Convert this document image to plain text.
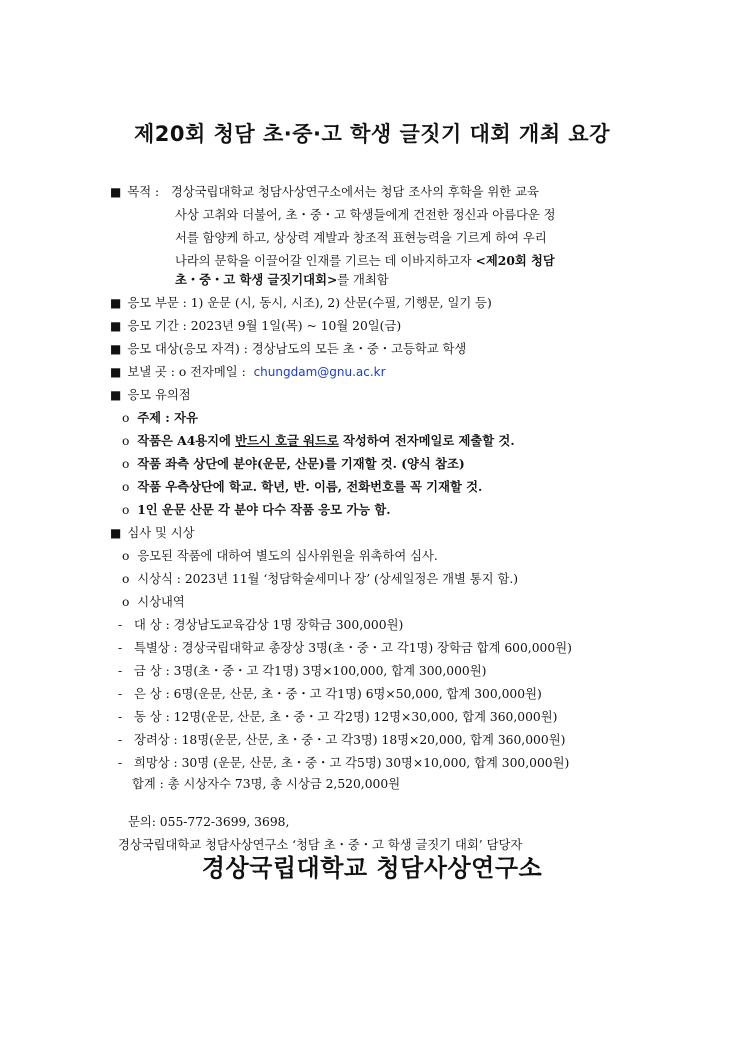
제20회 청담 초·중·고 학생 글짓기 대회 개최 요강
■ 목적 : 경상국립대학교 청담사상연구소에서는 청담 조사의 후학을 위한 교육
사상 고취와 더불어, 초・중・고 학생들에게 건전한 정신과 아름다운 정
서를 함양케 하고, 상상력 계발과 창조적 표현능력을 기르게 하여 우리
나라의 문학을 이끌어갈 인재를 기르는 데 이바지하고자 <제20회 청담
초・중・고 학생 글짓기대회>를 개최함
■ 응모 부문 : 1) 운문 (시, 동시, 시조), 2) 산문(수필, 기행문, 일기 등)
■ 응모 기간 : 2023년 9월 1일(목) ~ 10월 20일(금)
■ 응모 대상(응모 자격) : 경상남도의 모든 초・중・고등학교 학생
■ 보낼 곳 : o 전자메일 :  chungdam@gnu.ac.kr
■ 응모 유의점
o 주제 : 자유
o 작품은 A4용지에 반드시 호글 워드로 작성하여 전자메일로 제출할 것.
o 작품 좌측 상단에 분야(운문, 산문)를 기재할 것. (양식 참조)
o 작품 우측상단에 학교. 학년, 반. 이름, 전화번호를 꼭 기재할 것.
o 1인 운문 산문 각 분야 다수 작품 응모 가능 함.
■ 심사 및 시상
o 응모된 작품에 대하여 별도의 심사위원을 위촉하여 심사.
o 시상식 : 2023년 11월 ‘청담학술세미나 장’ (상세일정은 개별 통지 함.)
o 시상내역
- 대 상 : 경상남도교육감상 1명 장학금 300,000원)
- 특별상 : 경상국립대학교 총장상 3명(초・중・고 각1명) 장학금 합계 600,000원)
- 금 상 : 3명(초・중・고 각1명) 3명×100,000, 합계 300,000원)
- 은 상 : 6명(운문, 산문, 초・중・고 각1명) 6명×50,000, 합계 300,000원)
- 동 상 : 12명(운문, 산문, 초・중・고 각2명) 12명×30,000, 합계 360,000원)
- 장려상 : 18명(운문, 산문, 초・중・고 각3명) 18명×20,000, 합계 360,000원)
- 희망상 : 30명 (운문, 산문, 초・중・고 각5명) 30명×10,000, 합계 300,000원)
합계 : 총 시상자수 73명, 총 시상금 2,520,000원
문의: 055-772-3699, 3698,
경상국립대학교 청담사상연구소 ‘청담 초・중・고 학생 글짓기 대회’ 담당자
경상국립대학교 청담사상연구소
